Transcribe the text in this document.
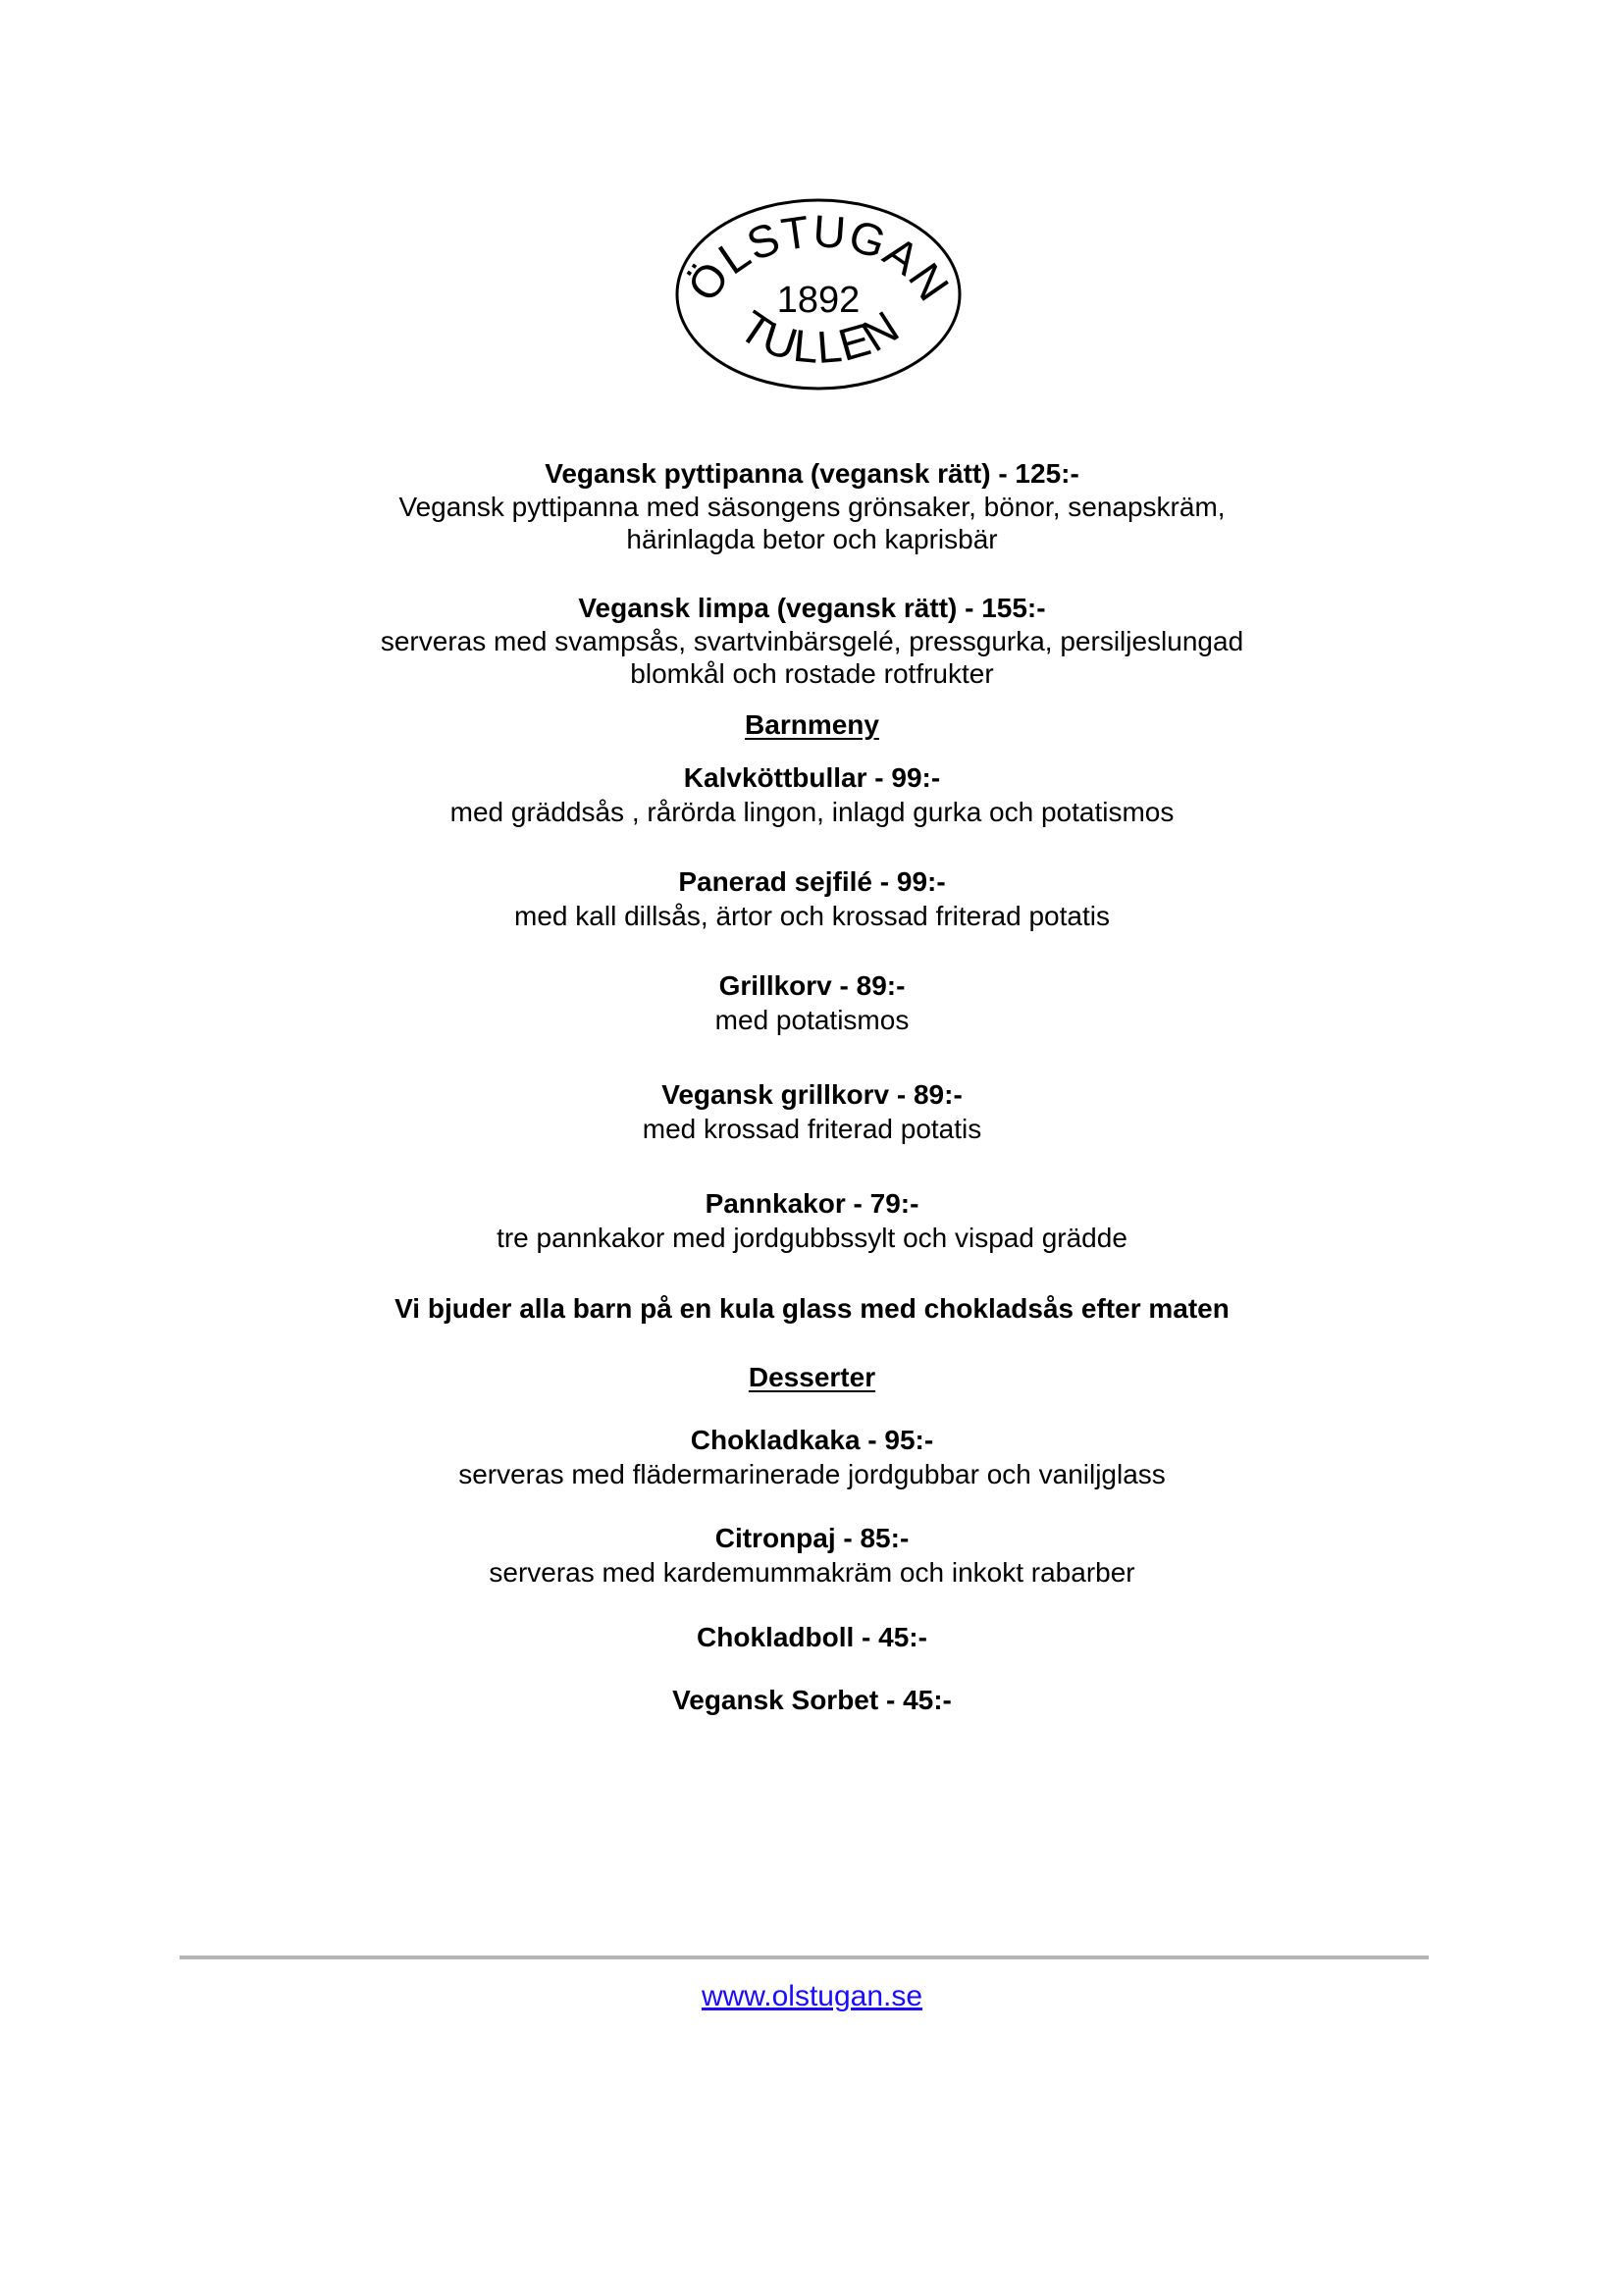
ÖLSTUGAN
1892
TULLEN
Vegansk pyttipanna (vegansk rätt) - 125:-
Vegansk pyttipanna med säsongens grönsaker, bönor, senapskräm,
härinlagda betor och kaprisbär
Vegansk limpa (vegansk rätt) - 155:-
serveras med svampsås, svartvinbärsgelé, pressgurka, persiljeslungad
blomkål och rostade rotfrukter
Barnmeny
Kalvköttbullar - 99:-
med gräddsås , rårörda lingon, inlagd gurka och potatismos
Panerad sejfilé - 99:-
med kall dillsås, ärtor och krossad friterad potatis
Grillkorv - 89:-
med potatismos
Vegansk grillkorv - 89:-
med krossad friterad potatis
Pannkakor - 79:-
tre pannkakor med jordgubbssylt och vispad grädde
Vi bjuder alla barn på en kula glass med chokladsås efter maten
Desserter
Chokladkaka - 95:-
serveras med flädermarinerade jordgubbar och vaniljglass
Citronpaj - 85:-
serveras med kardemummakräm och inkokt rabarber
Chokladboll - 45:-
Vegansk Sorbet - 45:-
www.olstugan.se
